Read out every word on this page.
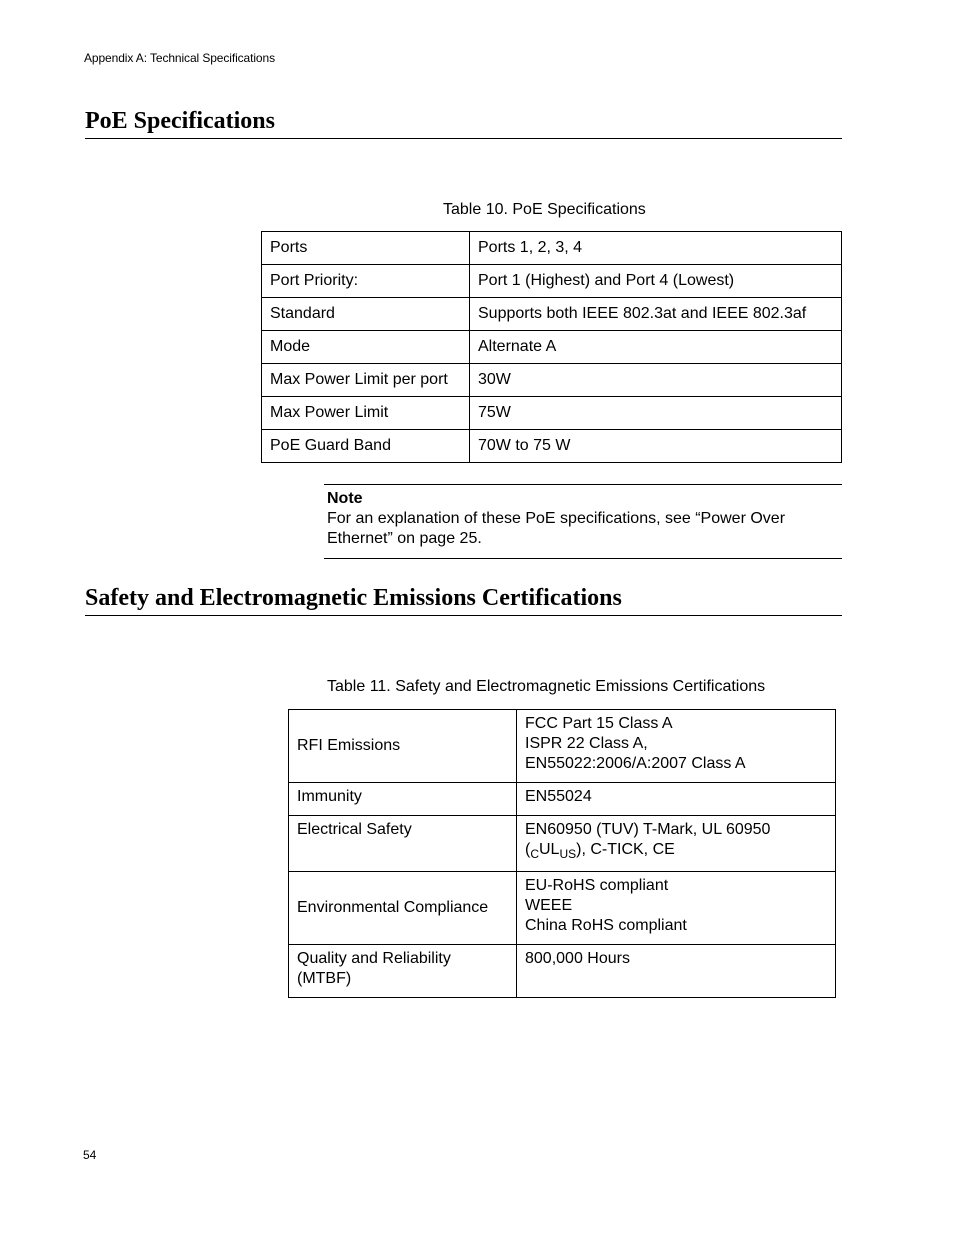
Appendix A: Technical Specifications
PoE Specifications
Table 10. PoE Specifications
Ports	Ports 1, 2, 3, 4
Port Priority:	Port 1 (Highest) and Port 4 (Lowest)
Standard	Supports both IEEE 802.3at and IEEE 802.3af
Mode	Alternate A
Max Power Limit per port	30W
Max Power Limit	75W
PoE Guard Band	70W to 75 W
Note
For an explanation of these PoE specifications, see “Power Over Ethernet” on page 25.
Safety and Electromagnetic Emissions Certifications
Table 11. Safety and Electromagnetic Emissions Certifications
RFI Emissions	FCC Part 15 Class A
ISPR 22 Class A,
EN55022:2006/A:2007 Class A

Immunity	EN55024
Electrical Safety	EN60950 (TUV) T-Mark, UL 60950
$(_CUL_{US})$, C-TICK, CE

Environmental Compliance	EU-RoHS compliant
WEEE
China RoHS compliant

Quality and Reliability
(MTBF)	800,000 Hours
54
